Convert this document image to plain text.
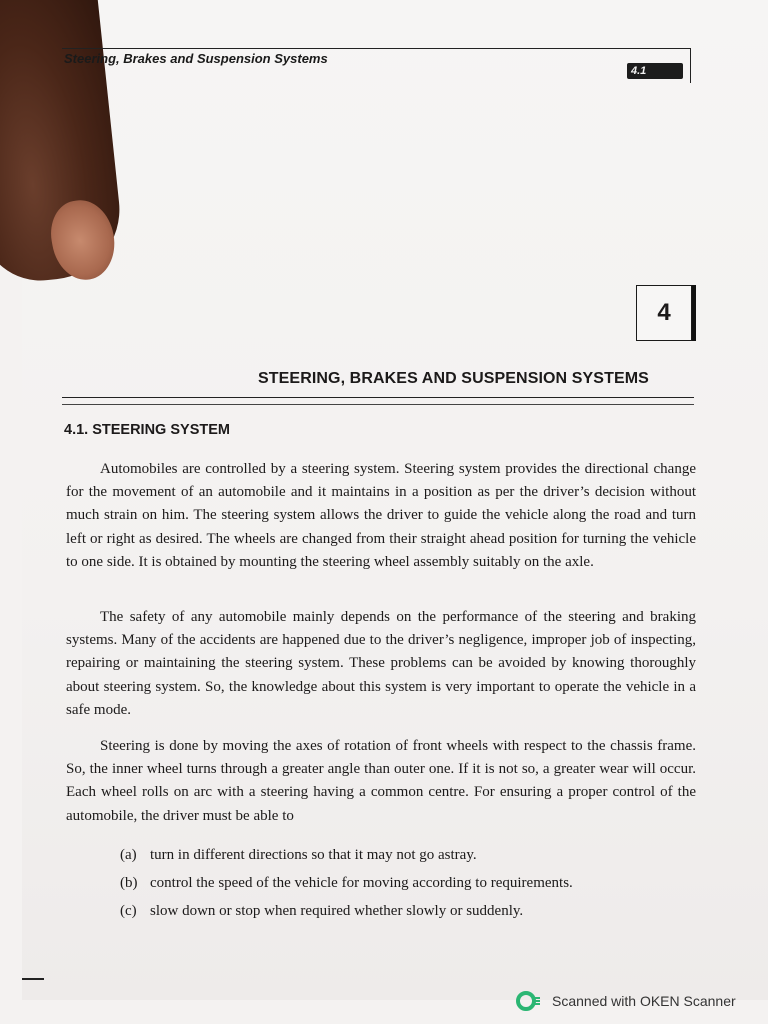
Steering, Brakes and Suspension Systems
4.1
4
STEERING, BRAKES AND SUSPENSION SYSTEMS
4.1. STEERING SYSTEM

Automobiles are controlled by a steering system. Steering system provides the directional change for the movement of an automobile and it maintains in a position as per the driver’s decision without much strain on him. The steering system allows the driver to guide the vehicle along the road and turn left or right as desired. The wheels are changed from their straight ahead position for turning the vehicle to one side. It is obtained by mounting the steering wheel assembly suitably on the axle.

The safety of any automobile mainly depends on the performance of the steering and braking systems. Many of the accidents are happened due to the driver’s negligence, improper job of inspecting, repairing or maintaining the steering system. These problems can be avoided by knowing thoroughly about steering system. So, the knowledge about this system is very important to operate the vehicle in a safe mode.

Steering is done by moving the axes of rotation of front wheels with respect to the chassis frame. So, the inner wheel turns through a greater angle than outer one. If it is not so, a greater wear will occur. Each wheel rolls on arc with a steering having a common centre. For ensuring a proper control of the automobile, the driver must be able to

(a) turn in different directions so that it may not go astray.
(b) control the speed of the vehicle for moving according to requirements.
(c) slow down or stop when required whether slowly or suddenly.
Scanned with OKEN Scanner
